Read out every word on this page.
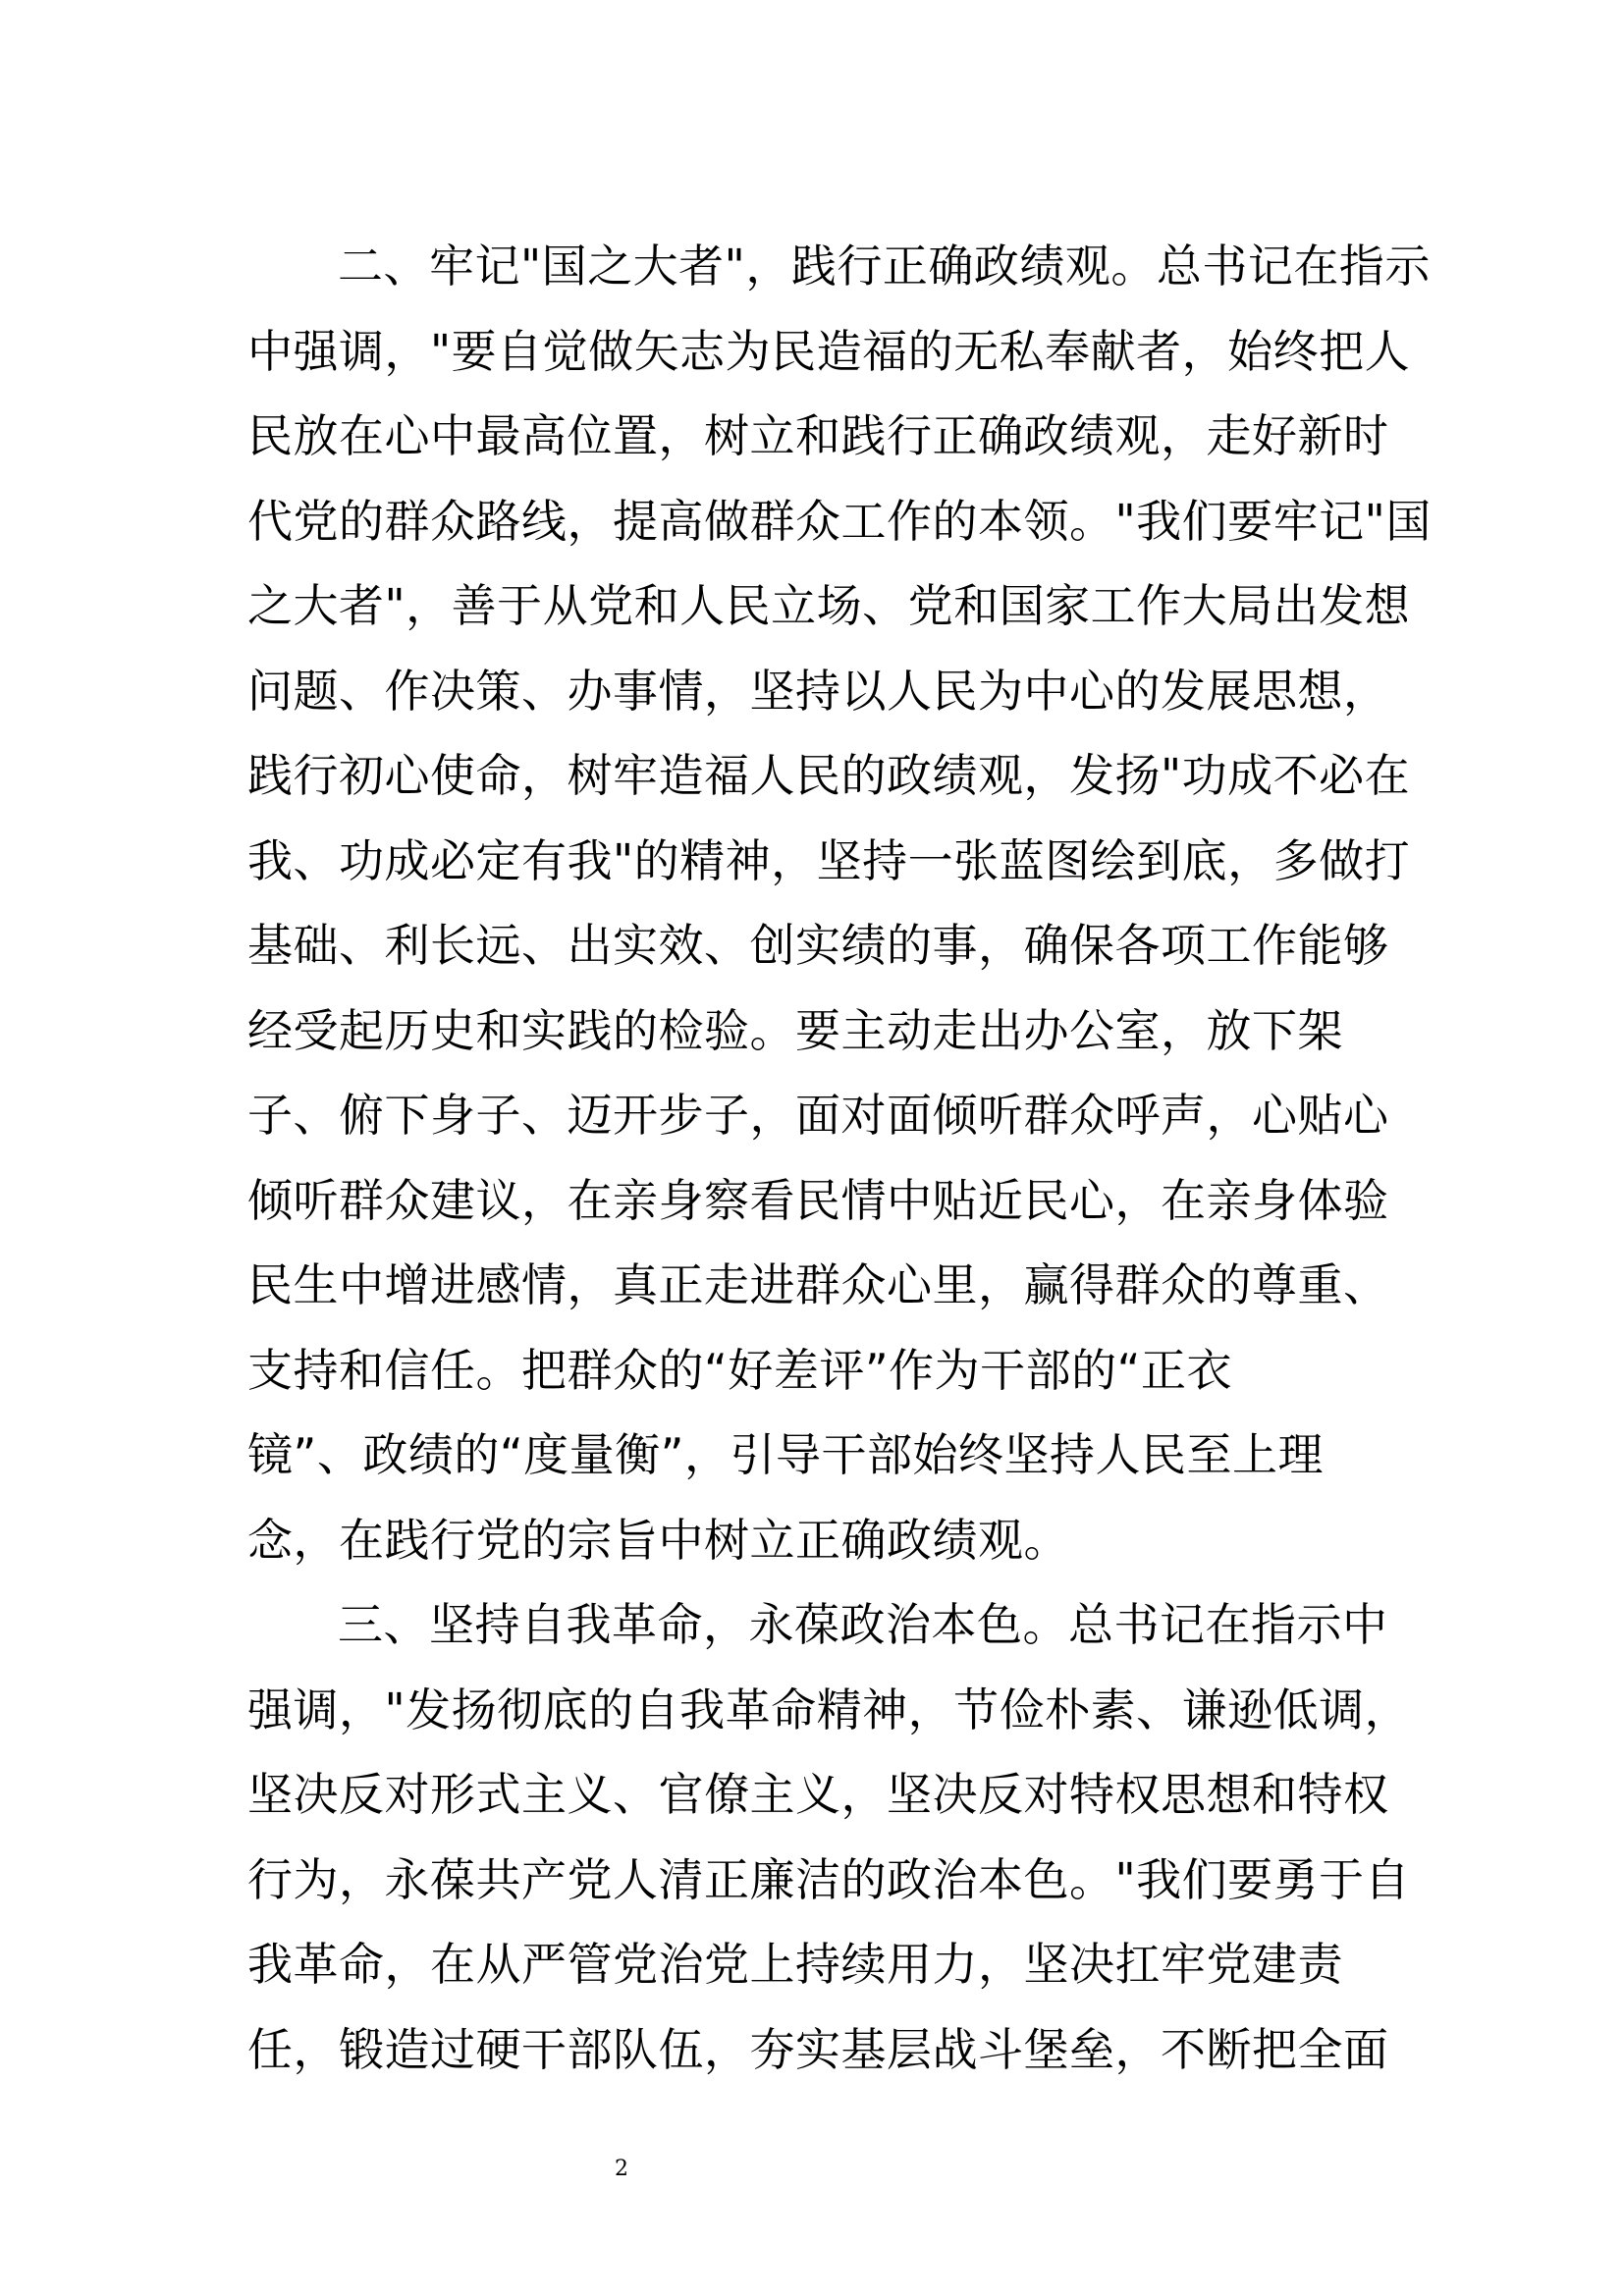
二、牢记"国之大者"，践行正确政绩观。总书记在指示
中强调，"要自觉做矢志为民造福的无私奉献者，始终把人
民放在心中最高位置，树立和践行正确政绩观，走好新时
代党的群众路线，提高做群众工作的本领。"我们要牢记"国
之大者"，善于从党和人民立场、党和国家工作大局出发想
问题、作决策、办事情，坚持以人民为中心的发展思想，
践行初心使命，树牢造福人民的政绩观，发扬"功成不必在
我、功成必定有我"的精神，坚持一张蓝图绘到底，多做打
基础、利长远、出实效、创实绩的事，确保各项工作能够
经受起历史和实践的检验。要主动走出办公室，放下架
子、俯下身子、迈开步子，面对面倾听群众呼声，心贴心
倾听群众建议，在亲身察看民情中贴近民心，在亲身体验
民生中增进感情，真正走进群众心里，赢得群众的尊重、
支持和信任。把群众的“好差评”作为干部的“正衣
镜”、政绩的“度量衡”，引导干部始终坚持人民至上理
念，在践行党的宗旨中树立正确政绩观。
三、坚持自我革命，永葆政治本色。总书记在指示中
强调，"发扬彻底的自我革命精神，节俭朴素、谦逊低调，
坚决反对形式主义、官僚主义，坚决反对特权思想和特权
行为，永葆共产党人清正廉洁的政治本色。"我们要勇于自
我革命，在从严管党治党上持续用力，坚决扛牢党建责
任，锻造过硬干部队伍，夯实基层战斗堡垒，不断把全面
2
